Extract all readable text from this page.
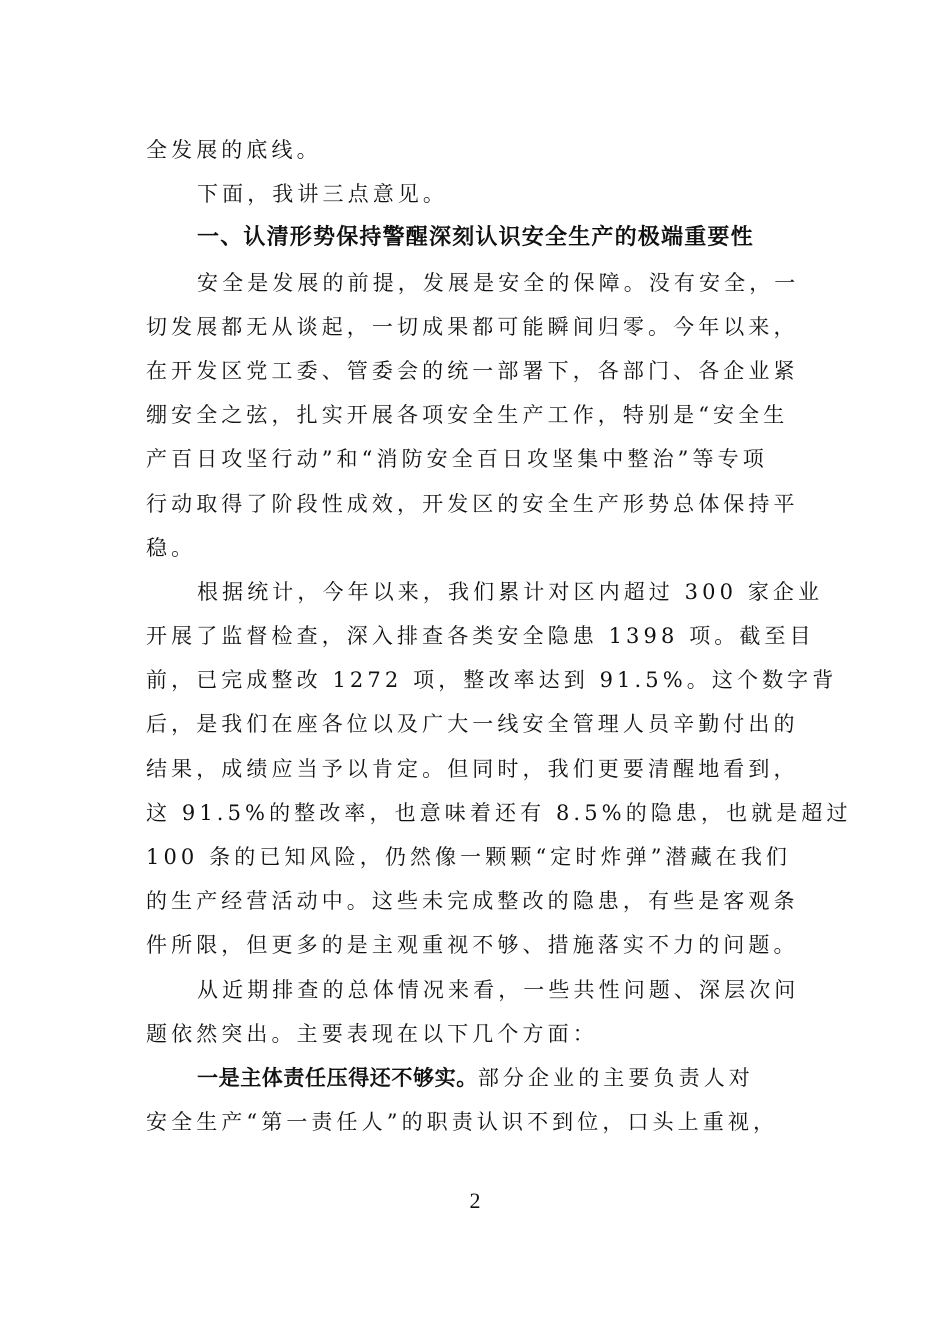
全发展的底线。
下面，我讲三点意见。
一、认清形势保持警醒深刻认识安全生产的极端重要性
安全是发展的前提，发展是安全的保障。没有安全，一
切发展都无从谈起，一切成果都可能瞬间归零。今年以来，
在开发区党工委、管委会的统一部署下，各部门、各企业紧
绷安全之弦，扎实开展各项安全生产工作，特别是“安全生
产百日攻坚行动”和“消防安全百日攻坚集中整治”等专项
行动取得了阶段性成效，开发区的安全生产形势总体保持平
稳。
根据统计，今年以来，我们累计对区内超过 300 家企业
开展了监督检查，深入排查各类安全隐患 1398 项。截至目
前，已完成整改 1272 项，整改率达到 91.5%。这个数字背
后，是我们在座各位以及广大一线安全管理人员辛勤付出的
结果，成绩应当予以肯定。但同时，我们更要清醒地看到，
这 91.5%的整改率，也意味着还有 8.5%的隐患，也就是超过
100 条的已知风险，仍然像一颗颗“定时炸弹”潜藏在我们
的生产经营活动中。这些未完成整改的隐患，有些是客观条
件所限，但更多的是主观重视不够、措施落实不力的问题。
从近期排查的总体情况来看，一些共性问题、深层次问
题依然突出。主要表现在以下几个方面：
一是主体责任压得还不够实。部分企业的主要负责人对
安全生产“第一责任人”的职责认识不到位，口头上重视，
2
